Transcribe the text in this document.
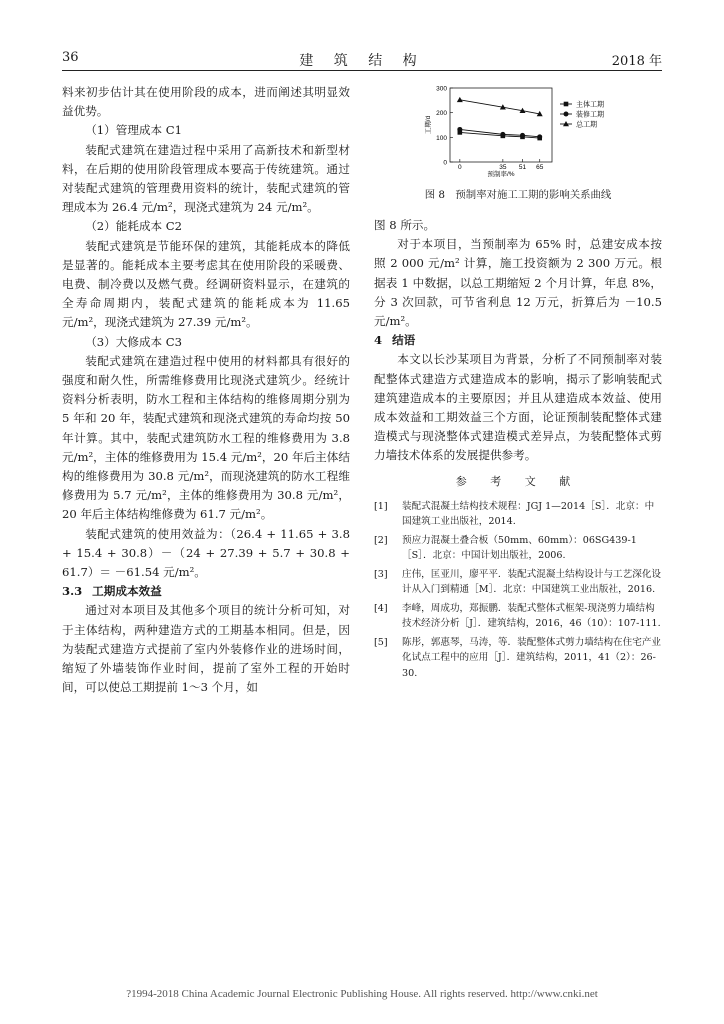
36	建 筑 结 构	2018 年

料来初步估计其在使用阶段的成本，进而阐述其明显效益优势。

（1）管理成本 C1

装配式建筑在建造过程中采用了高新技术和新型材料，在后期的使用阶段管理成本要高于传统建筑。通过对装配式建筑的管理费用资料的统计，装配式建筑的管理成本为 26.4 元/m²，现浇式建筑为 24 元/m²。

（2）能耗成本 C2

装配式建筑是节能环保的建筑，其能耗成本的降低是显著的。能耗成本主要考虑其在使用阶段的采暖费、电费、制冷费以及燃气费。经调研资料显示，在建筑的全寿命周期内，装配式建筑的能耗成本为 11.65 元/m²，现浇式建筑为 27.39 元/m²。

（3）大修成本 C3

装配式建筑在建造过程中使用的材料都具有很好的强度和耐久性，所需维修费用比现浇式建筑少。经统计资料分析表明，防水工程和主体结构的维修周期分别为 5 年和 20 年，装配式建筑和现浇式建筑的寿命均按 50 年计算。其中，装配式建筑防水工程的维修费用为 3.8 元/m²，主体的维修费用为 15.4 元/m²，20 年后主体结构的维修费用为 30.8 元/m²，而现浇建筑的防水工程维修费用为 5.7 元/m²，主体的维修费用为 30.8 元/m²，20 年后主体结构维修费为 61.7 元/m²。

装配式建筑的使用效益为：（26.4 + 11.65 + 3.8 + 15.4 + 30.8）－（24 + 27.39 + 5.7 + 30.8 + 61.7）＝ －61.54 元/m²。

3.3 工期成本效益

通过对本项目及其他多个项目的统计分析可知，对于主体结构，两种建造方式的工期基本相同。但是，因为装配式建造方式提前了室内外装修作业的进场时间，缩短了外墙装饰作业时间，提前了室外工程的开始时间，可以使总工期提前 1～3 个月，如

0
100
200
300
0	35 51 65
工期/d
预制率/%
主体工期
装修工期
总工期
图 8　预制率对施工工期的影响关系曲线

图 8 所示。

对于本项目，当预制率为 65% 时，总建安成本按照 2 000 元/m² 计算，施工投资额为 2 300 万元。根据表 1 中数据，以总工期缩短 2 个月计算，年息 8%，分 3 次回款，可节省利息 12 万元，折算后为 －10.5 元/m²。

4 结语

本文以长沙某项目为背景，分析了不同预制率对装配整体式建造方式建造成本的影响，揭示了影响装配式建筑建造成本的主要原因；并且从建造成本效益、使用成本效益和工期效益三个方面，论证预制装配整体式建造模式与现浇整体式建造模式差异点，为装配整体式剪力墙技术体系的发展提供参考。

参 考 文 献
[1]	装配式混凝土结构技术规程：JGJ 1—2014［S］．北京：中国建筑工业出版社，2014.
[2]	预应力混凝土叠合板（50mm、60mm）：06SG439-1［S］．北京：中国计划出版社，2006.
[3]	庄伟，匡亚川，廖平平．装配式混凝土结构设计与工艺深化设计从入门到精通［M］．北京：中国建筑工业出版社，2016.
[4]	李峰，周成功，郑振鹏．装配式整体式框架-现浇剪力墙结构技术经济分析［J］．建筑结构，2016，46（10）：107-111.
[5]	陈彤，郭惠琴，马涛，等．装配整体式剪力墙结构在住宅产业化试点工程中的应用［J］．建筑结构，2011，41（2）：26-30.
?1994-2018 China Academic Journal Electronic Publishing House. All rights reserved. http://www.cnki.net
